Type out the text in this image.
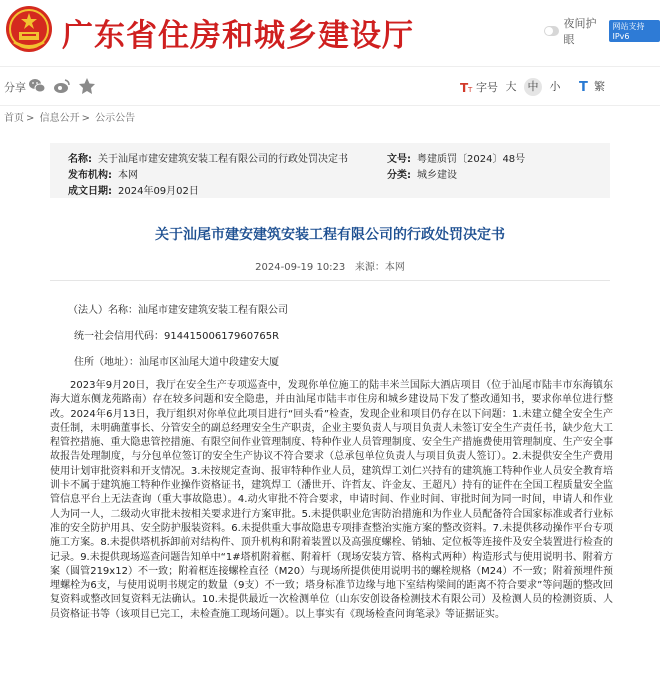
广东省住房和城乡建设厅	夜间护眼
网站支持IPv6
分享	T T 字号 大	中	小 T 繁
首页 > 信息公开 > 公示公告
名称: 关于汕尾市建安建筑安装工程有限公司的行政处罚决定书	文号: 粤建质罚〔2024〕48号
发布机构: 本网	分类: 城乡建设
成文日期: 2024年09月02日
关于汕尾市建安建筑安装工程有限公司的行政处罚决定书
2024-09-19 10:23 来源：本网
（法人）名称：汕尾市建安建筑安装工程有限公司
统一社会信用代码：91441500617960765R
住所（地址）：汕尾市区汕尾大道中段建安大厦
2023年9月20日，我厅在安全生产专项巡查中，发现你单位施工的陆丰米兰国际大酒店项目（位于汕尾市陆丰市东海镇东海大道东侧龙苑路南）存在较多问题和安全隐患，并由汕尾市陆丰市住房和城乡建设局下发了整改通知书，要求你单位进行整改。2024年6月13日，我厅组织对你单位此项目进行“回头看”检查，发现企业和项目仍存在以下问题：1.未建立健全安全生产责任制，未明确董事长、分管安全的副总经理安全生产职责，企业主要负责人与项目负责人未签订安全生产责任书，缺少危大工程管控措施、重大隐患管控措施、有限空间作业管理制度、特种作业人员管理制度、安全生产措施费使用管理制度、生产安全事故报告处理制度，与分包单位签订的安全生产协议不符合要求（总承包单位负责人与项目负责人签订）。2.未提供安全生产费用使用计划审批资料和开支情况。3.未按规定查询、报审特种作业人员，建筑焊工刘仁兴持有的建筑施工特种作业人员安全教育培训卡不属于建筑施工特种作业操作资格证书，建筑焊工（潘世开、许哲友、许金友、王超凡）持有的证件在全国工程质量安全监管信息平台上无法查询（重大事故隐患）。4.动火审批不符合要求，申请时间、作业时间、审批时间为同一时间，申请人和作业人为同一人，二级动火审批未按相关要求进行方案审批。5.未提供职业危害防治措施和为作业人员配备符合国家标准或者行业标准的安全防护用具、安全防护服装资料。6.未提供重大事故隐患专项排查整治实施方案的整改资料。7.未提供移动操作平台专项施工方案。8.未提供塔机拆卸前对结构件、顶升机构和附着装置以及高强度螺栓、销轴、定位板等连接件及安全装置进行检查的记录。9.未提供现场巡查问题告知单中“1#塔机附着框、附着杆（现场安装方管、格构式两种）构造形式与使用说明书、附着方案（圆管219x12）不一致；附着框连接螺栓直径（M20）与现场所提供使用说明书的螺栓规格（M24）不一致；附着预埋件预埋螺栓为6支，与使用说明书规定的数量（9支）不一致；塔身标准节边缘与地下室结构梁间的距离不符合要求”等问题的整改回复资料或整改回复资料无法确认。10.未提供最近一次检测单位（山东安创设备检测技术有限公司）及检测人员的检测资质、人员资格证书等（该项目已完工，未检查施工现场问题）。以上事实有《现场检查问询笔录》等证据证实。
